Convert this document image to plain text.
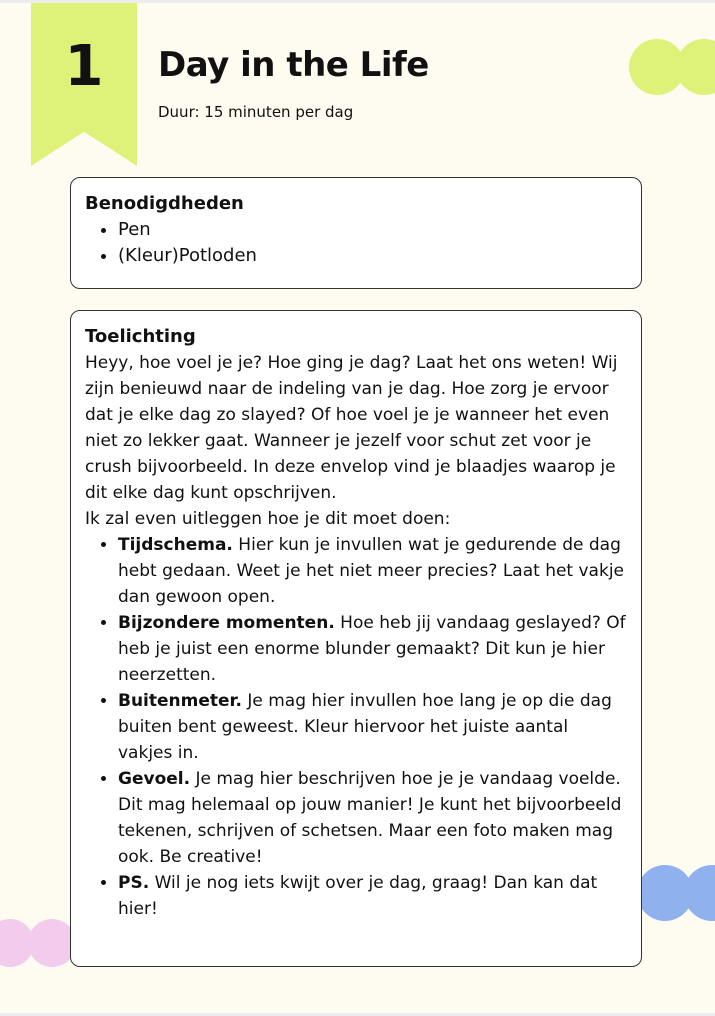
1	Day in the Life
Duur: 15 minuten per dag
Benodigdheden
• Pen
• (Kleur)Potloden
Toelichting

Heyy, hoe voel je je? Hoe ging je dag? Laat het ons weten! Wij zijn benieuwd naar de indeling van je dag. Hoe zorg je ervoor dat je elke dag zo slayed? Of hoe voel je je wanneer het even niet zo lekker gaat. Wanneer je jezelf voor schut zet voor je crush bijvoorbeeld. In deze envelop vind je blaadjes waarop je dit elke dag kunt opschrijven.

Ik zal even uitleggen hoe je dit moet doen:

• Tijdschema. Hier kun je invullen wat je gedurende de dag hebt gedaan. Weet je het niet meer precies? Laat het vakje dan gewoon open.
• Bijzondere momenten. Hoe heb jij vandaag geslayed? Of heb je juist een enorme blunder gemaakt? Dit kun je hier neerzetten.
• Buitenmeter. Je mag hier invullen hoe lang je op die dag buiten bent geweest. Kleur hiervoor het juiste aantal vakjes in.
• Gevoel. Je mag hier beschrijven hoe je je vandaag voelde. Dit mag helemaal op jouw manier! Je kunt het bijvoorbeeld tekenen, schrijven of schetsen. Maar een foto maken mag ook. Be creative!
• PS. Wil je nog iets kwijt over je dag, graag! Dan kan dat hier!
